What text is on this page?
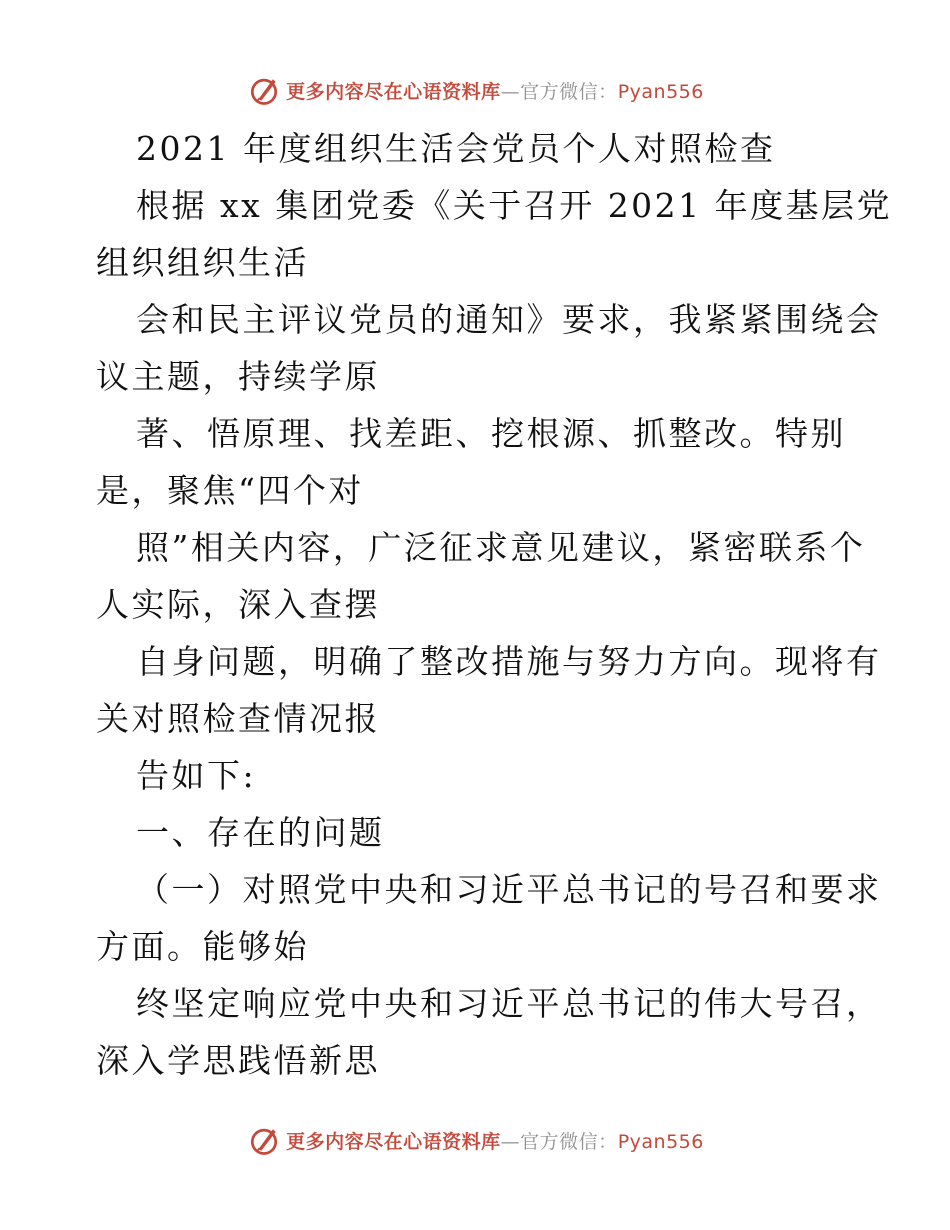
更多内容尽在心语资料库—官方微信：Pyan556

2021 年度组织生活会党员个人对照检查

根据 xx 集团党委《关于召开 2021 年度基层党

组织组织生活

会和民主评议党员的通知》要求，我紧紧围绕会

议主题，持续学原

著、悟原理、找差距、挖根源、抓整改。特别

是，聚焦“四个对

照”相关内容，广泛征求意见建议，紧密联系个

人实际，深入查摆

自身问题，明确了整改措施与努力方向。现将有

关对照检查情况报

告如下:

一、存在的问题

（一）对照党中央和习近平总书记的号召和要求

方面。能够始

终坚定响应党中央和习近平总书记的伟大号召，

深入学思践悟新思

更多内容尽在心语资料库—官方微信：Pyan556
